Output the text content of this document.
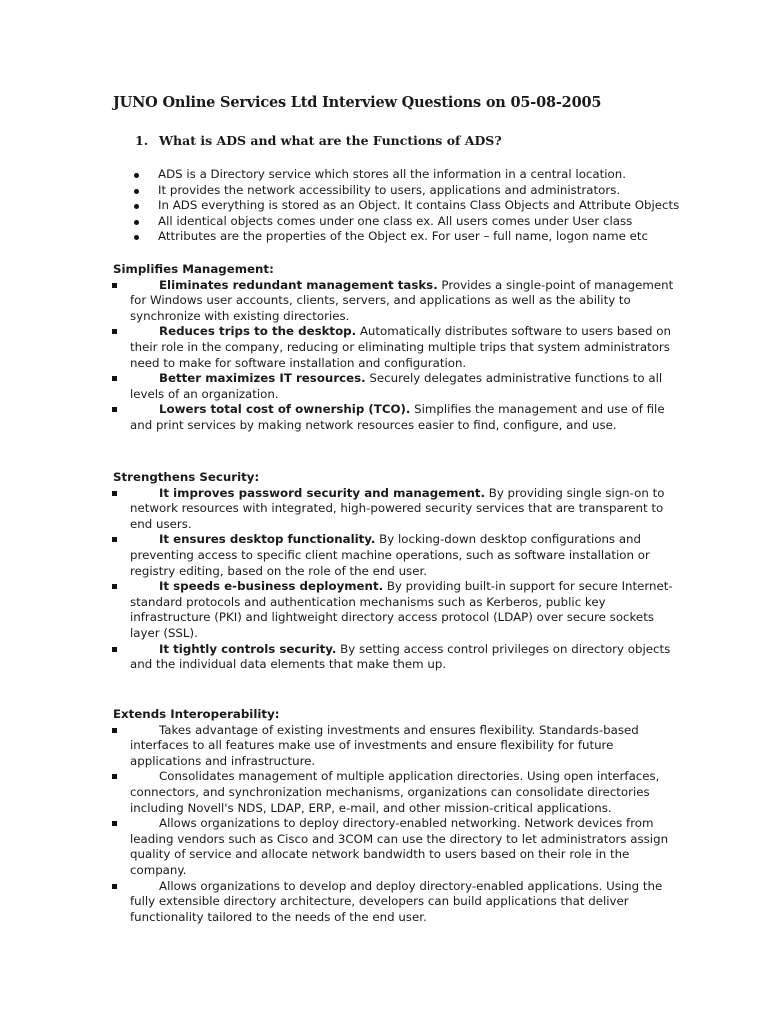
JUNO Online Services Ltd Interview Questions on 05-08-2005
1. What is ADS and what are the Functions of ADS?
ADS is a Directory service which stores all the information in a central location.
It provides the network accessibility to users, applications and administrators.
In ADS everything is stored as an Object. It contains Class Objects and Attribute Objects
All identical objects comes under one class ex. All users comes under User class
Attributes are the properties of the Object ex. For user – full name, logon name etc
Simplifies Management:
Eliminates redundant management tasks. Provides a single-point of management
for Windows user accounts, clients, servers, and applications as well as the ability to
synchronize with existing directories.
Reduces trips to the desktop. Automatically distributes software to users based on
their role in the company, reducing or eliminating multiple trips that system administrators
need to make for software installation and configuration.
Better maximizes IT resources. Securely delegates administrative functions to all
levels of an organization.
Lowers total cost of ownership (TCO). Simplifies the management and use of file
and print services by making network resources easier to find, configure, and use.
Strengthens Security:
It improves password security and management. By providing single sign-on to
network resources with integrated, high-powered security services that are transparent to
end users.
It ensures desktop functionality. By locking-down desktop configurations and
preventing access to specific client machine operations, such as software installation or
registry editing, based on the role of the end user.
It speeds e-business deployment. By providing built-in support for secure Internet-
standard protocols and authentication mechanisms such as Kerberos, public key
infrastructure (PKI) and lightweight directory access protocol (LDAP) over secure sockets
layer (SSL).
It tightly controls security. By setting access control privileges on directory objects
and the individual data elements that make them up.
Extends Interoperability:
Takes advantage of existing investments and ensures flexibility. Standards-based
interfaces to all features make use of investments and ensure flexibility for future
applications and infrastructure.
Consolidates management of multiple application directories. Using open interfaces,
connectors, and synchronization mechanisms, organizations can consolidate directories
including Novell's NDS, LDAP, ERP, e-mail, and other mission-critical applications.
Allows organizations to deploy directory-enabled networking. Network devices from
leading vendors such as Cisco and 3COM can use the directory to let administrators assign
quality of service and allocate network bandwidth to users based on their role in the
company.
Allows organizations to develop and deploy directory-enabled applications. Using the
fully extensible directory architecture, developers can build applications that deliver
functionality tailored to the needs of the end user.
